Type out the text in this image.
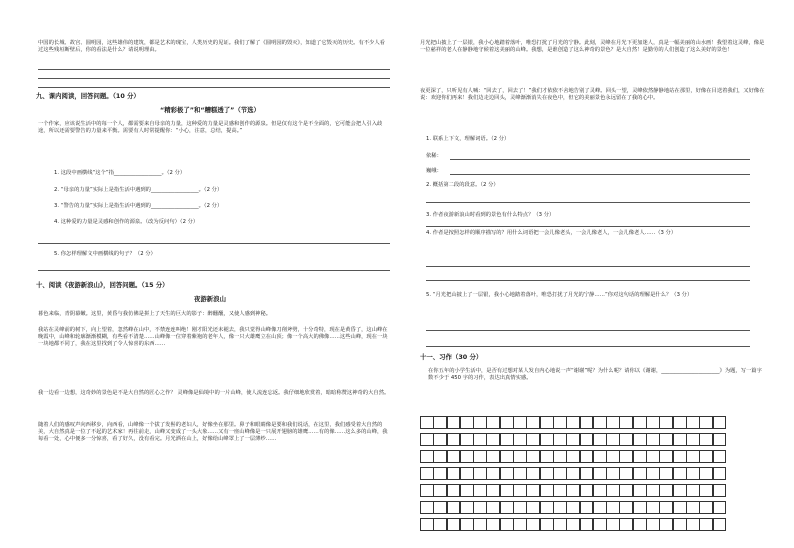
中国的长城、故宫、圆明园，这些雄伟的建筑，都是艺术的瑰宝，人类历史的见证。我们了解了《圆明园的毁灭》，知道了它毁灭的历史。有不少人看过这些残垣断壁后，你的看法是什么？请说明理由。
九、课内阅读，回答问题。（10 分）
“精彩极了”和“糟糕透了”（节选）
一个作家，应该说生活中的每一个人，都需要来自母亲的力量，这种爱的力量是灵感和创作的源泉。但是仅有这个是不全面的，它可能会把人引入歧途，所以还需要警告的力量来平衡。需要有人时常提醒你：“小心，注意，总结，提高。”
1. 这段中画横线“这个”指__________________。（2 分）
2. “母亲的力量”实际上是指生活中遇到的__________________。（2 分）
3. “警告的力量”实际上是指生活中遇到的__________________。（2 分）
4. 这种爱的力量是灵感和创作的源泉。（改为反问句）（2 分）
5. 你怎样理解文中画横线的句子？（2 分）
十、阅读《夜游新浪山》，回答问题。（15 分）
夜游新浪山
暮色来临，青阴幕嫩。这里，黄昏与我仿佛是拼上了天生的巨大的影子：醉醺醺，又使人感到神秘。
我站在灵峰前的树下，向上望着，忽然峰在山中，不禁连连叫绝！刚才阳光还未褪去，我只觉得山峰像刀削斧劈，十分奇特，现在是黄昏了，这山峰在晚霞中，山峰和轮廓渐渐模糊，有些看不清楚……山峰像一位穿着紫袍的老年人，像一只大雄鹰立在山顶；像一个高大的佛像……这些山峰，现在一块一块地都不同了，我在这里找到了令人惊喜的东西……
我一边看一边想，这奇妙的景色是不是大自然的匠心之作？ 灵峰像是仙境中的一片山峰，使人流连忘返。我仔细地欣赏着，暗暗称赞这神奇的大自然。
随着人们的感叹声向西移步，向西看，山峰像一个拔了发髻的老妇人，好像坐在那里。鼻子和眼睛像是要和我们说话，在这里，我们感受着大自然的美，大自然真是一位了不起的艺术家！再往前走，山峰又变成了一头大象……又有一座山峰像是一只展开翅膀的雄鹰……有的像……这么多的山峰，我每看一处，心中便多一分惊喜，看了好久，没有看完。月光洒在山上，好像给山峰罩上了一层薄纱……
月光把山披上了一层银，我小心地踏着落叶，唯恐打扰了月光的宁静。此刻，灵峰在月光下更加迷人，真是一幅美丽的山水画！我望着这灵峰，像是一位慈祥的老人在静静地守候着这美丽的山峰。我想，是谁创造了这么神奇的景色？是大自然！是勤劳的人们创造了这么美好的景色！
夜更深了，只听见有人喊：“回去了，回去了！”我们才依依不舍地告别了灵峰。回头一望，灵峰依然静静地站在那里，好像在目送着我们，又好像在说：欢迎你们再来！我们边走边回头，灵峰渐渐消失在夜色中，但它的美丽景色永远留在了我的心中。
1. 联系上下文，理解词语。（2 分）
依稀：
巍峨：
2. 概括第二段的段意。（2 分）
3. 作者夜游新浪山时看到的景色有什么特点？（3 分）
4. 作者是按照怎样的顺序描写的？用什么词语把一会儿像老头，一会儿像老人，一会儿像老人……（3 分）
5. “月光把山披上了一层银，我小心地踏着落叶，唯恐打扰了月光的宁静……”你对这句话的理解是什么？（3 分）
十一、习作（30 分）
在你五年的小学生活中，是否有过想对某人发自内心地说一声“谢谢”呢？为什么呢？请你以《谢谢，______________________》为题，写一篇字数不少于 450 字的习作，表达出真情实感。
